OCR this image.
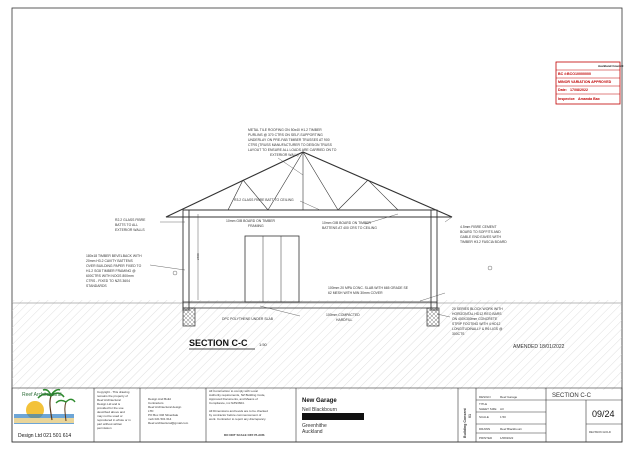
Auckland Council
BC #: BCO10000000
MINOR VARIATION APPROVED
Date: 17/08/2022
Inspector: Amanda Bax
2400
METAL TILE ROOFING ON 50x40 H1.2 TIMBER
PURLINS @ 370 CTRS ON SELF-SUPPORTING
UNDERLAY ON PRE-FAB TIMBER TRUSSES AT 900
CTRS (TRUSS MANUFACTURER TO DESIGN TRUSS
LAYOUT TO ENSURE ALL LOADS ARE CARRIED ON TO
EXTERIOR WALL)
R3.2 GLASS FIBRE BATT TO CEILING
R2.2 GLASS FIBRE
BATTS TO ALL
EXTERIOR WALLS
10mm GIB BOARD ON TIMBER
FRAMING
10mm GIB BOARD ON TIMBER
BATTENS AT 400 CRS TO CEILING	4.5mm FIBRE CEMENT
BOARD TO SOFFITS AND
GABLE END EAVES WITH
TIMBER H3.2 FASCIA BOARD
180x18 TIMBER BEVELBACK WITH
20mm H3.2 CAVITY BATTENS
OVER BUILDING PAPER FIXED TO
H1.2 SG8 TIMBER FRAMING @
600CTRS WITH NOGS 800mm
CTRS - FIXED TO NZS 3604
STANDARDS	100mm 20 MPA CONC. SLAB WITH 665 GRADE SE
62 MESH WITH MIN 30mm COVER
DPC POLYTHENE UNDER SLAB
100mm COMPACTED
HARDFILL
20 SERIES BLOCK WORK WITH
HORIZONTAL HD12 REO BARS
ON 400X300mm CONCRETE
STRIP FOOTING WITH 4 HD12
LONGITUDINALLY & R6 LIGS @
300CTS
SECTION C-C	1:50	AMENDED 18/01/2022
Reef Architectural
Design Ltd 021 501 614
Copyright - This drawing
remains the property of
Reef Architectural
Design Ltd and is
provided for the use
described above and
may not be used or
reproduced in whole or in
part without written
permission
Design And Build
Contractors
Reef Architectural design
LTD
PO Box 346 Silverdale
mob 021 501 614
Reef.architectural@gmail.com
All Construction to comply with Local
Authority requirements, NZ Building Code,
Approved Documents, and Means of
Compliance, inc NZS3604.
All Dimensions and levels are to be checked
by contractor before commencement of
work. Contractor to report any discrepancy.
DO NOT SCALE OFF PLANS
New Garage
Neil Blackbourn
Greenhithe
Auckland	Building Consent 01
DESIGN	Reef Garage
TITLE
SHEET SIZE A3
SCALE	1:50
DRAWN	Reef Blackbourn
PRINTED	1/08/2022
SECTION C-C
09/24
REVISION HOLD
